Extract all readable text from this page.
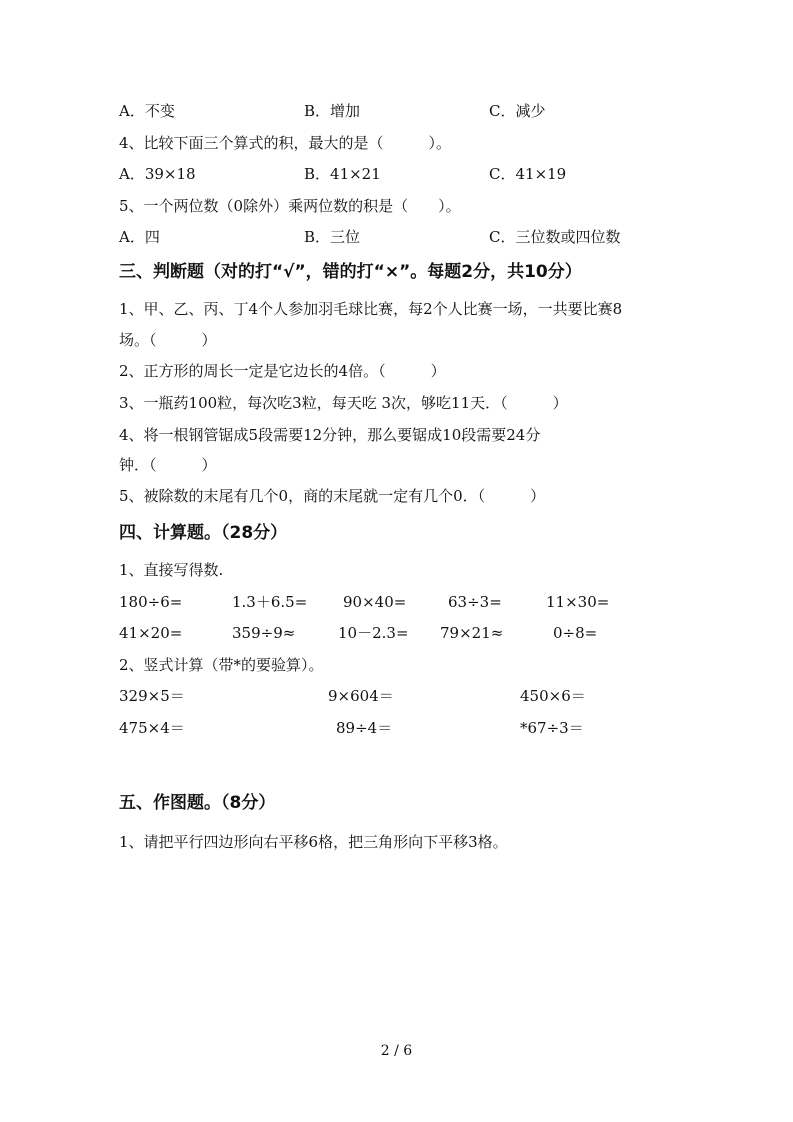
A．不变	B．增加	C．减少
4、比较下面三个算式的积，最大的是（　　　）。
A．39×18	B．41×21	C．41×19
5、一个两位数（0除外）乘两位数的积是（　　）。
A．四	B．三位	C．三位数或四位数
三、判断题（对的打“√”，错的打“×”。每题2分，共10分）
1、甲、乙、丙、丁4个人参加羽毛球比赛，每2个人比赛一场，一共要比赛8
场。（　　　）
2、正方形的周长一定是它边长的4倍。（　　　）
3、一瓶药100粒，每次吃3粒，每天吃 3次，够吃11天．（　　　）
4、将一根钢管锯成5段需要12分钟，那么要锯成10段需要24分
钟．（　　　）
5、被除数的末尾有几个0，商的末尾就一定有几个0．（　　　）
四、计算题。（28分）
1、直接写得数.
180÷6=	1.3＋6.5= 90×40=	63÷3=	11×30=
41×20=	359÷9≈	10－2.3= 79×21≈	0÷8=
2、竖式计算（带*的要验算）。
329×5＝	9×604＝	450×6＝
475×4＝	89÷4＝	*67÷3＝
五、作图题。（8分）
1、请把平行四边形向右平移6格，把三角形向下平移3格。
2 / 6
